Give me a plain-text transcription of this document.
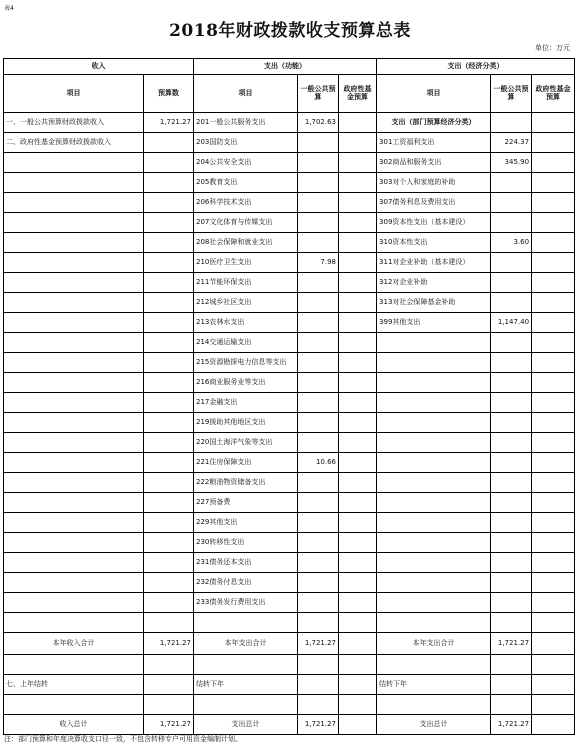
表4
2018年财政拨款收支预算总表
单位：万元
收入		支出（功能）			支出（经济分类）		
项目	预算数	项目	一般公共预算	政府性基金预算	项目	一般公共预算	政府性基金预算
一、一般公共预算财政拨款收入	1,721.27	201一般公共服务支出	1,702.63		支出（部门预算经济分类）		
二、政府性基金预算财政拨款收入		203国防支出			301工资福利支出	224.37	
		204公共安全支出			302商品和服务支出	345.90	
		205教育支出			303对个人和家庭的补助		
		206科学技术支出			307债务利息及费用支出		
		207文化体育与传媒支出			309资本性支出（基本建设）		
		208社会保障和就业支出			310资本性支出	3.60	
		210医疗卫生支出	7.98		311对企业补助（基本建设）		
		211节能环保支出			312对企业补助		
		212城乡社区支出			313对社会保障基金补助		
		213农林水支出			399其他支出	1,147.40	
		214交通运输支出					
		215资源勘探电力信息等支出					
		216商业服务业等支出					
		217金融支出					
		219援助其他地区支出					
		220国土海洋气象等支出					
		221住房保障支出	10.66				
		222粮油物资储备支出					
		227预备费					
		229其他支出					
		230转移性支出					
		231债务还本支出					
		232债务付息支出					
		233债务发行费用支出					

本年收入合计	1,721.27	本年支出合计	1,721.27		本年支出合计	1,721.27	

七、上年结转		结转下年			结转下年		

收入总计	1,721.27	支出总计	1,721.27		支出总计	1,721.27	
注：部门预算和年度决算收支口径一致，不包含转移专户可用资金编制计划。
